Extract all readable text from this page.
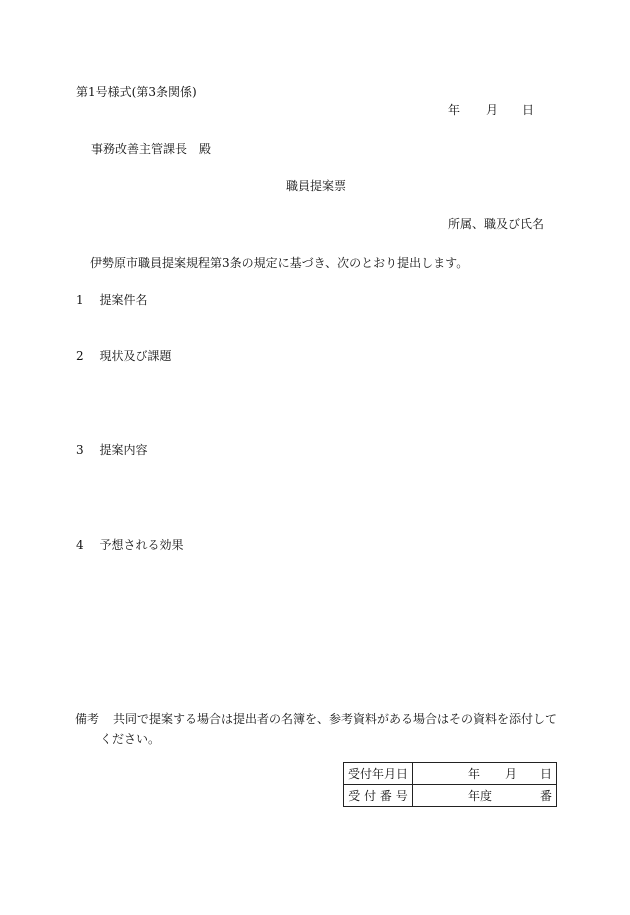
第1号様式(第3条関係)
年 月 日
事務改善主管課長　殿
職員提案票
所属、職及び氏名
伊勢原市職員提案規程第3条の規定に基づき、次のとおり提出します。
1 提案件名
2 現状及び課題
3 提案内容
4 予想される効果
備考 共同で提案する場合は提出者の名簿を、参考資料がある場合はその資料を添付して
ください。
受付年月日	年 月 日

受 付 番 号	年度 番
